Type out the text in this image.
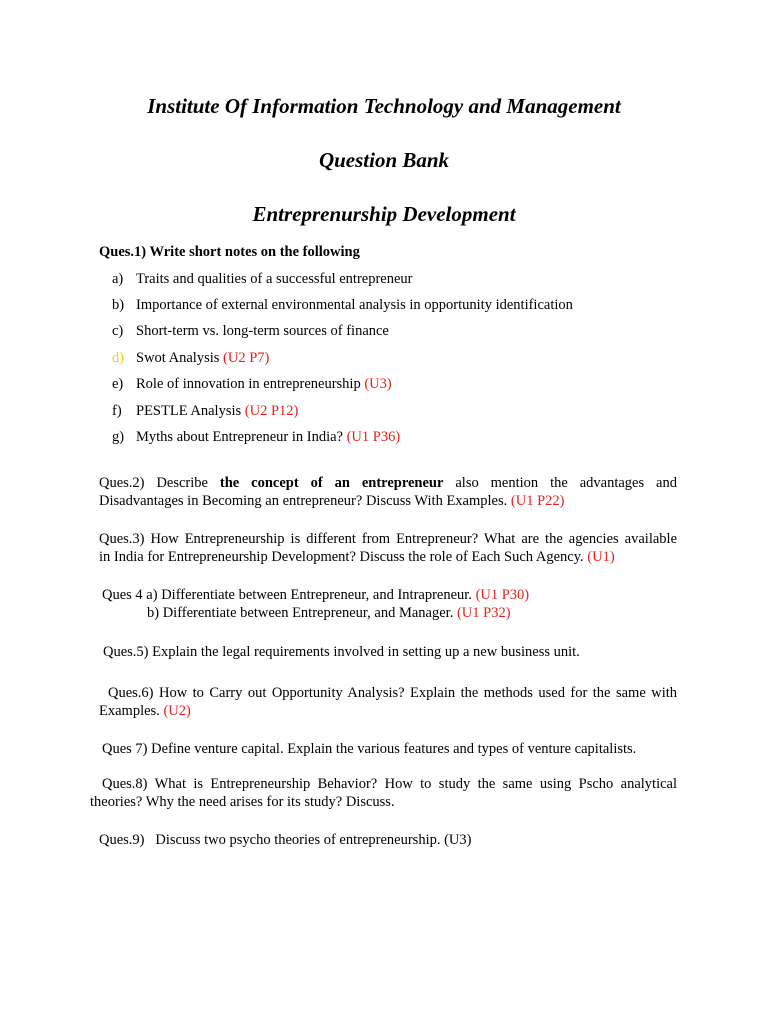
Institute Of Information Technology and Management
Question Bank
Entreprenurship Development
Ques.1) Write short notes on the following
a) Traits and qualities of a successful entrepreneur
b) Importance of external environmental analysis in opportunity identification
c) Short-term vs. long-term sources of finance
d) Swot Analysis (U2 P7)
e) Role of innovation in entrepreneurship (U3)
f) PESTLE Analysis (U2 P12)
g) Myths about Entrepreneur in India? (U1 P36)
Ques.2) Describe the concept of an entrepreneur also mention the advantages and
Disadvantages in Becoming an entrepreneur? Discuss With Examples. (U1 P22)
Ques.3) How Entrepreneurship is different from Entrepreneur? What are the agencies available
in India for Entrepreneurship Development? Discuss the role of Each Such Agency. (U1)
Ques 4 a) Differentiate between Entrepreneur, and Intrapreneur. (U1 P30)
b) Differentiate between Entrepreneur, and Manager. (U1 P32)
Ques.5) Explain the legal requirements involved in setting up a new business unit.
Ques.6) How to Carry out Opportunity Analysis? Explain the methods used for the same with
Examples. (U2)
Ques 7) Define venture capital. Explain the various features and types of venture capitalists.
Ques.8) What is Entrepreneurship Behavior? How to study the same using Pscho analytical
theories? Why the need arises for its study? Discuss.
Ques.9)   Discuss two psycho theories of entrepreneurship. (U3)
